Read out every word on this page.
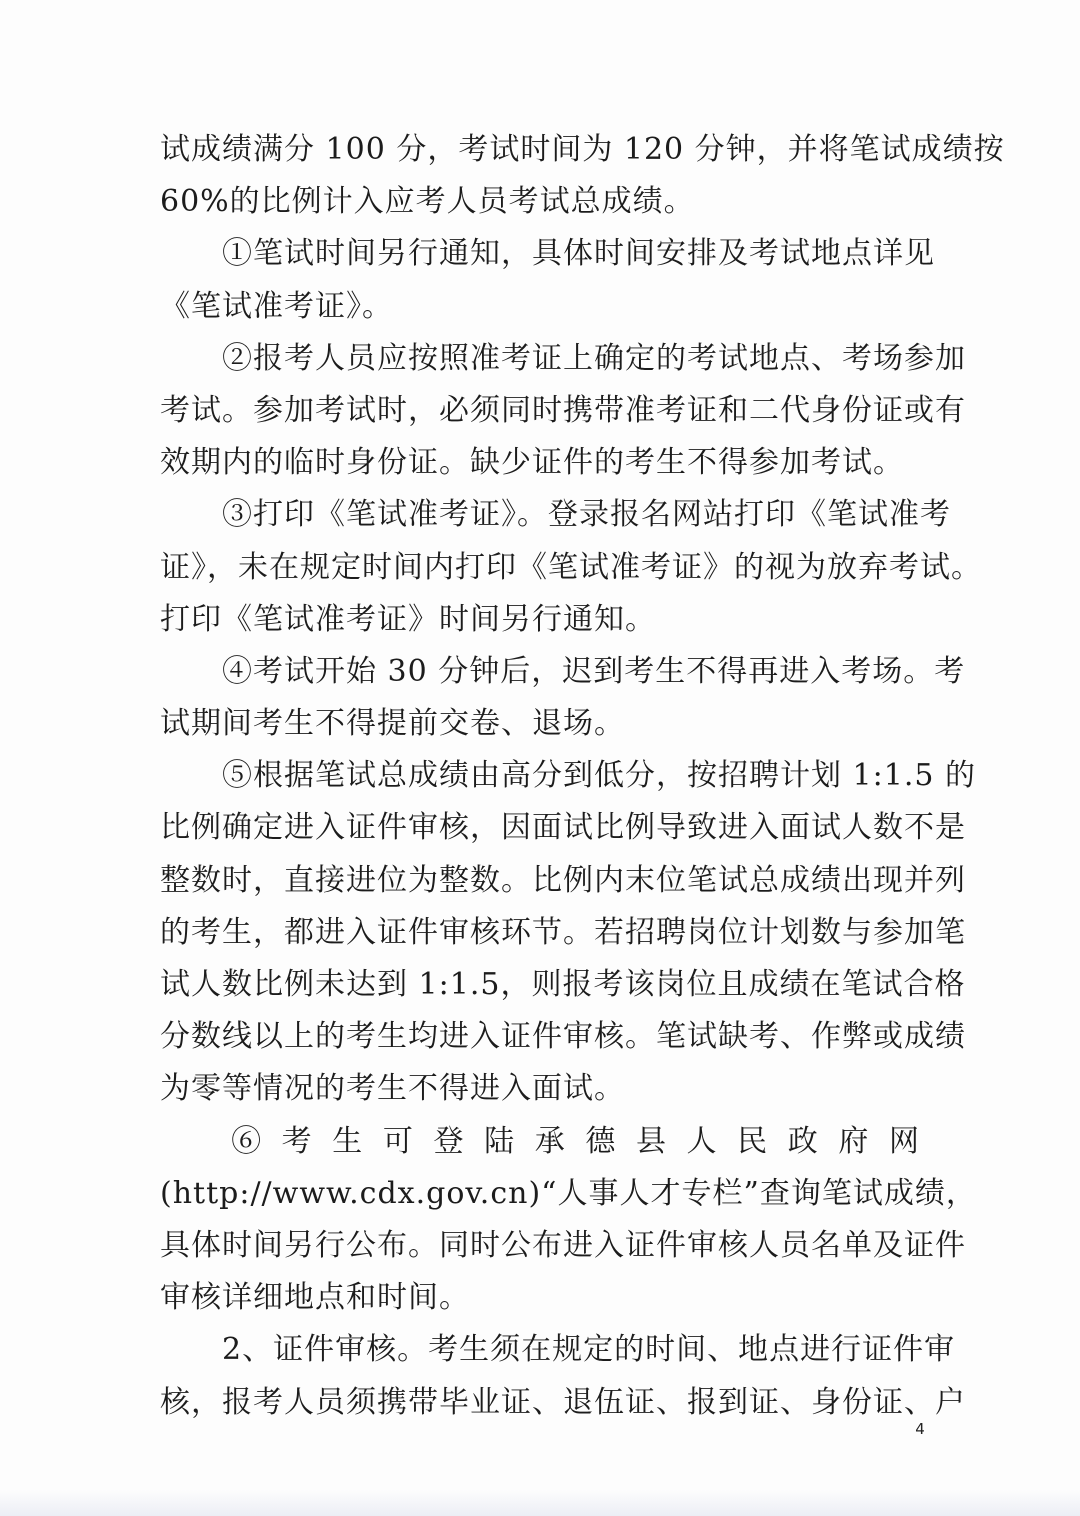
试成绩满分 100 分，考试时间为 120 分钟，并将笔试成绩按
60%的比例计入应考人员考试总成绩。
　　①笔试时间另行通知，具体时间安排及考试地点详见
《笔试准考证》。
　　②报考人员应按照准考证上确定的考试地点、考场参加
考试。参加考试时，必须同时携带准考证和二代身份证或有
效期内的临时身份证。缺少证件的考生不得参加考试。
　　③打印《笔试准考证》。登录报名网站打印《笔试准考
证》，未在规定时间内打印《笔试准考证》的视为放弃考试。
打印《笔试准考证》时间另行通知。
　　④考试开始 30 分钟后，迟到考生不得再进入考场。考
试期间考生不得提前交卷、退场。
　　⑤根据笔试总成绩由高分到低分，按招聘计划 1:1.5 的
比例确定进入证件审核，因面试比例导致进入面试人数不是
整数时，直接进位为整数。比例内末位笔试总成绩出现并列
的考生，都进入证件审核环节。若招聘岗位计划数与参加笔
试人数比例未达到 1:1.5，则报考该岗位且成绩在笔试合格
分数线以上的考生均进入证件审核。笔试缺考、作弊或成绩
为零等情况的考生不得进入面试。
　　⑥ 考 生 可 登 陆 承 德 县 人 民 政 府 网
(http://www.cdx.gov.cn)“人事人才专栏”查询笔试成绩，
具体时间另行公布。同时公布进入证件审核人员名单及证件
审核详细地点和时间。
　　2、证件审核。考生须在规定的时间、地点进行证件审
核，报考人员须携带毕业证、退伍证、报到证、身份证、户
4
